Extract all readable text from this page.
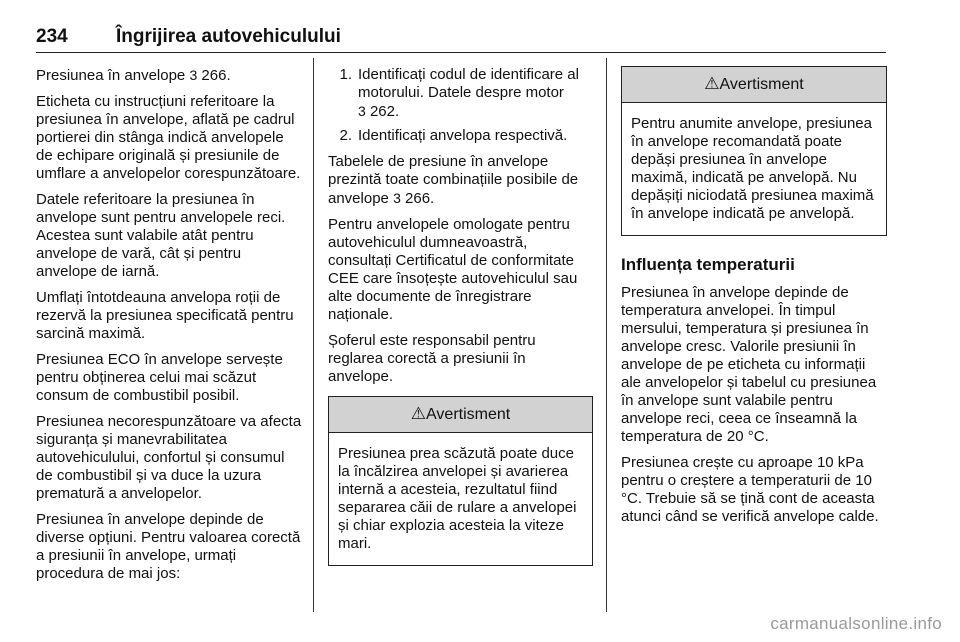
234	Îngrijirea autovehiculului

Presiunea în anvelope 3 266.

Eticheta cu instrucțiuni referitoare la presiunea în anvelope, aflată pe cadrul portierei din stânga indică anvelopele de echipare originală și presiunile de umflare a anvelopelor corespunzătoare.

Datele referitoare la presiunea în anvelope sunt pentru anvelopele reci. Acestea sunt valabile atât pentru anvelope de vară, cât și pentru anvelope de iarnă.

Umflați întotdeauna anvelopa roții de rezervă la presiunea specificată pentru sarcină maximă.

Presiunea ECO în anvelope servește pentru obținerea celui mai scăzut consum de combustibil posibil.

Presiunea necorespunzătoare va afecta siguranța și manevrabilitatea autovehiculului, confortul și consumul de combustibil și va duce la uzura prematură a anvelopelor.

Presiunea în anvelope depinde de diverse opțiuni. Pentru valoarea corectă a presiunii în anvelope, urmați procedura de mai jos:

1. Identificați codul de identificare al motorului. Datele despre motor
3 262.
2. Identificați anvelopa respectivă.

Tabelele de presiune în anvelope prezintă toate combinațiile posibile de anvelope 3 266.

Pentru anvelopele omologate pentru autovehiculul dumneavoastră, consultați Certificatul de conformitate CEE care însoțește autovehiculul sau alte documente de înregistrare naționale.

Șoferul este responsabil pentru reglarea corectă a presiunii în anvelope.

⚠Avertisment
Presiunea prea scăzută poate duce la încălzirea anvelopei și avarierea internă a acesteia, rezultatul fiind separarea căii de rulare a anvelopei și chiar explozia acesteia la viteze mari.
⚠Avertisment
Pentru anumite anvelope, presiunea în anvelope recomandată poate depăși presiunea în anvelope maximă, indicată pe anvelopă. Nu depășiți niciodată presiunea maximă în anvelope indicată pe anvelopă.
Influența temperaturii

Presiunea în anvelope depinde de temperatura anvelopei. În timpul mersului, temperatura și presiunea în anvelope cresc. Valorile presiunii în anvelope de pe eticheta cu informații ale anvelopelor și tabelul cu presiunea în anvelope sunt valabile pentru anvelope reci, ceea ce înseamnă la temperatura de 20 °C.

Presiunea crește cu aproape 10 kPa pentru o creștere a temperaturii de 10 °C. Trebuie să se țină cont de aceasta atunci când se verifică anvelope calde.

carmanualsonline.info
